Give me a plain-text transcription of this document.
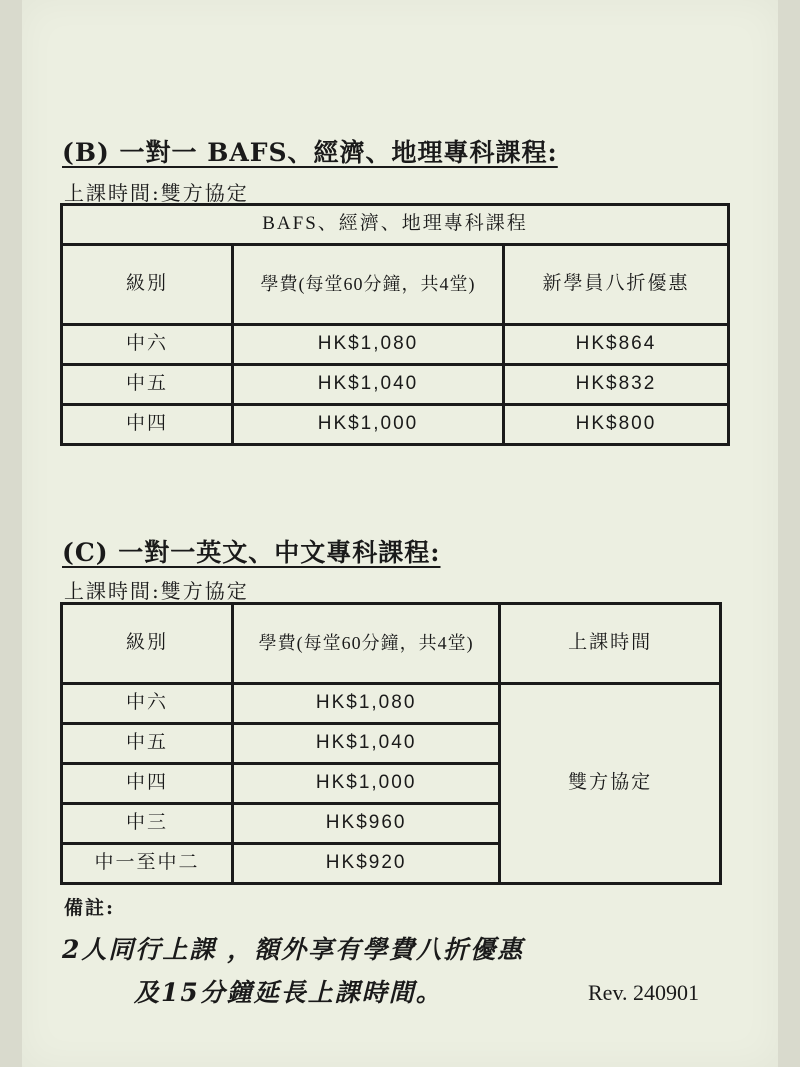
(B) 一對一 BAFS、經濟、地理專科課程:
上課時間:雙方協定
BAFS、經濟、地理專科課程		
級別	學費(每堂60分鐘，共4堂)	新學員八折優惠
中六	HK$1,080	HK$864
中五	HK$1,040	HK$832
中四	HK$1,000	HK$800
(C) 一對一英文、中文專科課程:
上課時間:雙方協定
級別	學費(每堂60分鐘，共4堂)	上課時間
中六	HK$1,080	雙方協定
中五	HK$1,040	
中四	HK$1,000	
中三	HK$960	
中一至中二	HK$920	
備註:
2人同行上課 ，額外享有學費八折優惠
及15分鐘延長上課時間。	Rev. 240901
